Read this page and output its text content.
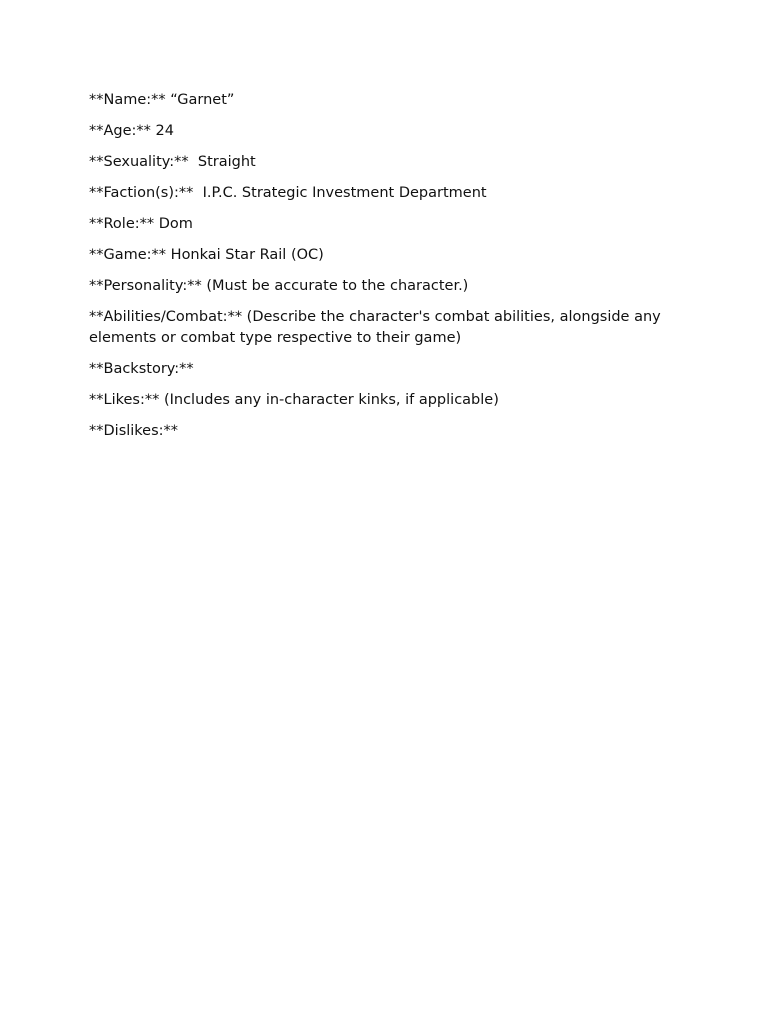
**Name:** “Garnet”

**Age:** 24

**Sexuality:**  Straight

**Faction(s):**  I.P.C. Strategic Investment Department

**Role:** Dom

**Game:** Honkai Star Rail (OC)

**Personality:** (Must be accurate to the character.)

**Abilities/Combat:** (Describe the character's combat abilities, alongside any elements or combat type respective to their game)

**Backstory:**

**Likes:** (Includes any in-character kinks, if applicable)

**Dislikes:**
